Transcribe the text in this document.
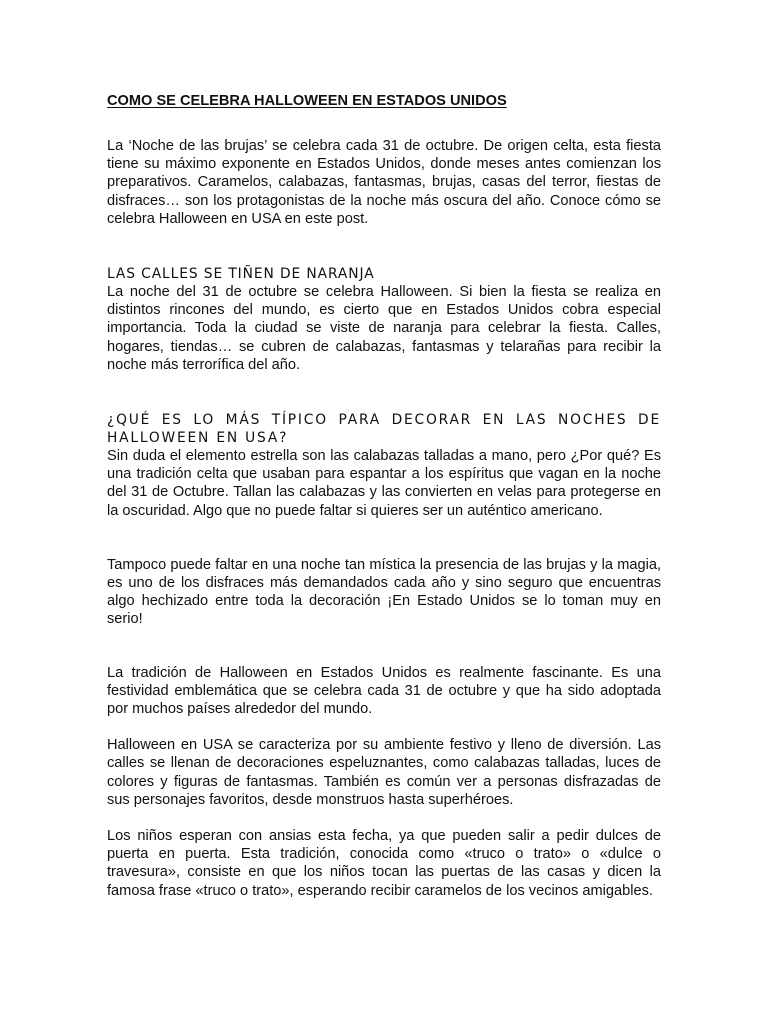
COMO SE CELEBRA HALLOWEEN EN ESTADOS UNIDOS

La ‘Noche de las brujas’ se celebra cada 31 de octubre. De origen celta, esta fiesta tiene su máximo exponente en Estados Unidos, donde meses antes comienzan los preparativos. Caramelos, calabazas, fantasmas, brujas, casas del terror, fiestas de disfraces… son los protagonistas de la noche más oscura del año. Conoce cómo se celebra Halloween en USA en este post.

LAS CALLES SE TIÑEN DE NARANJA

La noche del 31 de octubre se celebra Halloween. Si bien la fiesta se realiza en distintos rincones del mundo, es cierto que en Estados Unidos cobra especial importancia. Toda la ciudad se viste de naranja para celebrar la fiesta. Calles, hogares, tiendas… se cubren de calabazas, fantasmas y telarañas para recibir la noche más terrorífica del año.

¿QUÉ ES LO MÁS TÍPICO PARA DECORAR EN LAS NOCHES DE HALLOWEEN EN USA?

Sin duda el elemento estrella son las calabazas talladas a mano, pero ¿Por qué? Es una tradición celta que usaban para espantar a los espíritus que vagan en la noche del 31 de Octubre. Tallan las calabazas y las convierten en velas para protegerse en la oscuridad. Algo que no puede faltar si quieres ser un auténtico americano.

Tampoco puede faltar en una noche tan mística la presencia de las brujas y la magia, es uno de los disfraces más demandados cada año y sino seguro que encuentras algo hechizado entre toda la decoración ¡En Estado Unidos se lo toman muy en serio!

La tradición de Halloween en Estados Unidos es realmente fascinante. Es una festividad emblemática que se celebra cada 31 de octubre y que ha sido adoptada por muchos países alrededor del mundo.

Halloween en USA se caracteriza por su ambiente festivo y lleno de diversión. Las calles se llenan de decoraciones espeluznantes, como calabazas talladas, luces de colores y figuras de fantasmas. También es común ver a personas disfrazadas de sus personajes favoritos, desde monstruos hasta superhéroes.

Los niños esperan con ansias esta fecha, ya que pueden salir a pedir dulces de puerta en puerta. Esta tradición, conocida como «truco o trato» o «dulce o travesura», consiste en que los niños tocan las puertas de las casas y dicen la famosa frase «truco o trato», esperando recibir caramelos de los vecinos amigables.
